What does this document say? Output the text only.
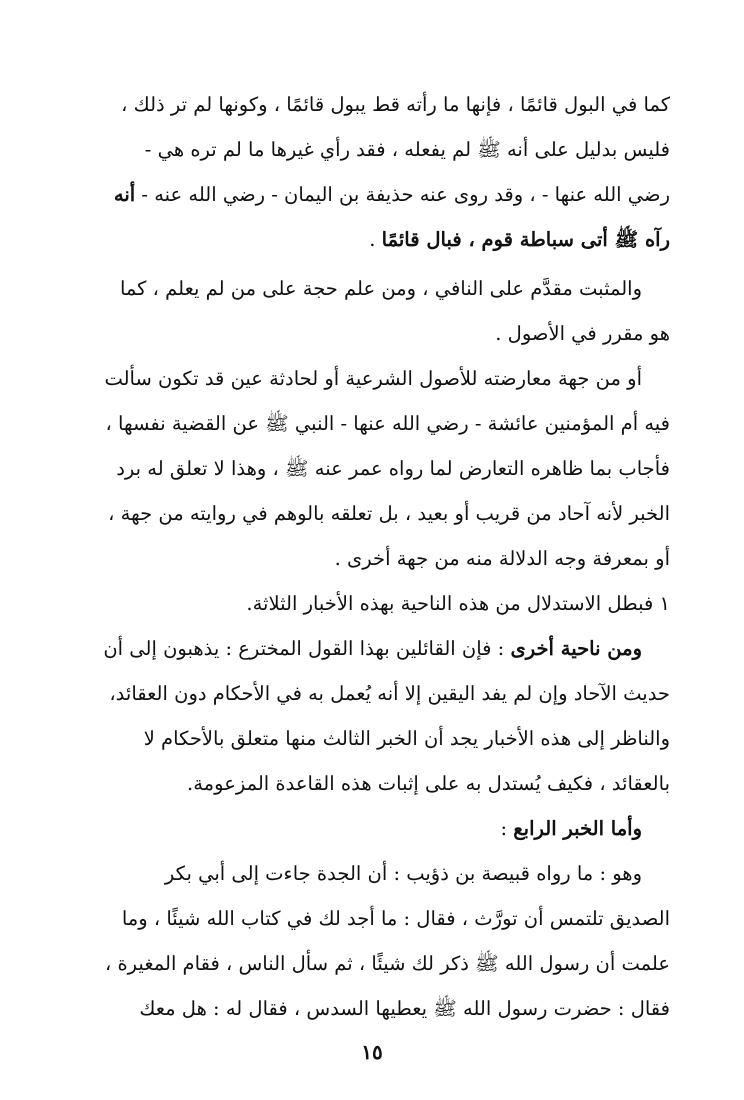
كما في البول قائمًا ، فإنها ما رأته قط يبول قائمًا ، وكونها لم تر ذلك ،
فليس بدليل على أنه ﷺ لم يفعله ، فقد رأي غيرها ما لم تره هي -
رضي الله عنها - ، وقد روى عنه حذيفة بن اليمان - رضي الله عنه - أنه
رآه ﷺ أتى سباطة قوم ، فبال قائمًا .
والمثبت مقدَّم على النافي ، ومن علم حجة على من لم يعلم ، كما
هو مقرر في الأصول .
أو من جهة معارضته للأصول الشرعية أو لحادثة عين قد تكون سألت
فيه أم المؤمنين عائشة - رضي الله عنها - النبي ﷺ عن القضية نفسها ،
فأجاب بما ظاهره التعارض لما رواه عمر عنه ﷺ ، وهذا لا تعلق له برد
الخبر لأنه آحاد من قريب أو بعيد ، بل تعلقه بالوهم في روايته من جهة ،
أو بمعرفة وجه الدلالة منه من جهة أخرى .
١ فبطل الاستدلال من هذه الناحية بهذه الأخبار الثلاثة.
ومن ناحية أخرى : فإن القائلين بهذا القول المخترع : يذهبون إلى أن
حديث الآحاد وإن لم يفد اليقين إلا أنه يُعمل به في الأحكام دون العقائد،
والناظر إلى هذه الأخبار يجد أن الخبر الثالث منها متعلق بالأحكام لا
بالعقائد ، فكيف يُستدل به على إثبات هذه القاعدة المزعومة.
وأما الخبر الرابع :
وهو : ما رواه قبيصة بن ذؤيب : أن الجدة جاءت إلى أبي بكر
الصديق تلتمس أن تورَّث ، فقال : ما أجد لك في كتاب الله شيئًا ، وما
علمت أن رسول الله ﷺ ذكر لك شيئًا ، ثم سأل الناس ، فقام المغيرة ،
فقال : حضرت رسول الله ﷺ يعطيها السدس ، فقال له : هل معك
١٥
